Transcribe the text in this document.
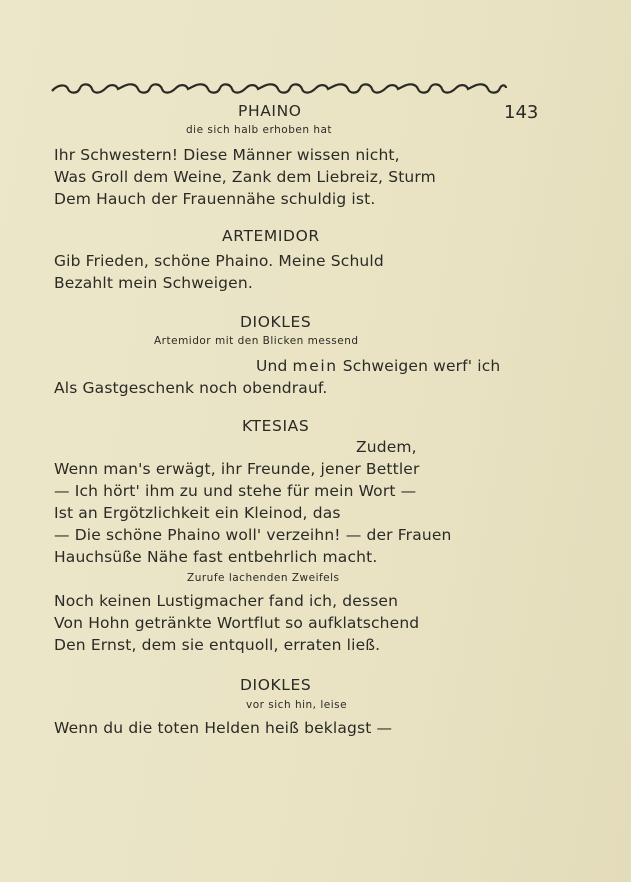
143
PHAINO
die sich halb erhoben hat
Ihr Schwestern! Diese Männer wissen nicht,
Was Groll dem Weine, Zank dem Liebreiz, Sturm
Dem Hauch der Frauennähe schuldig ist.
ARTEMIDOR
Gib Frieden, schöne Phaino. Meine Schuld
Bezahlt mein Schweigen.
DIOKLES
Artemidor mit den Blicken messend
Und mein Schweigen werf' ich
Als Gastgeschenk noch obendrauf.
KTESIAS
Zudem,
Wenn man's erwägt, ihr Freunde, jener Bettler
— Ich hört' ihm zu und stehe für mein Wort —
Ist an Ergötzlichkeit ein Kleinod, das
— Die schöne Phaino woll' verzeihn! — der Frauen
Hauchsüße Nähe fast entbehrlich macht.
Zurufe lachenden Zweifels
Noch keinen Lustigmacher fand ich, dessen
Von Hohn getränkte Wortflut so aufklatschend
Den Ernst, dem sie entquoll, erraten ließ.
DIOKLES
vor sich hin, leise
Wenn du die toten Helden heiß beklagst —
